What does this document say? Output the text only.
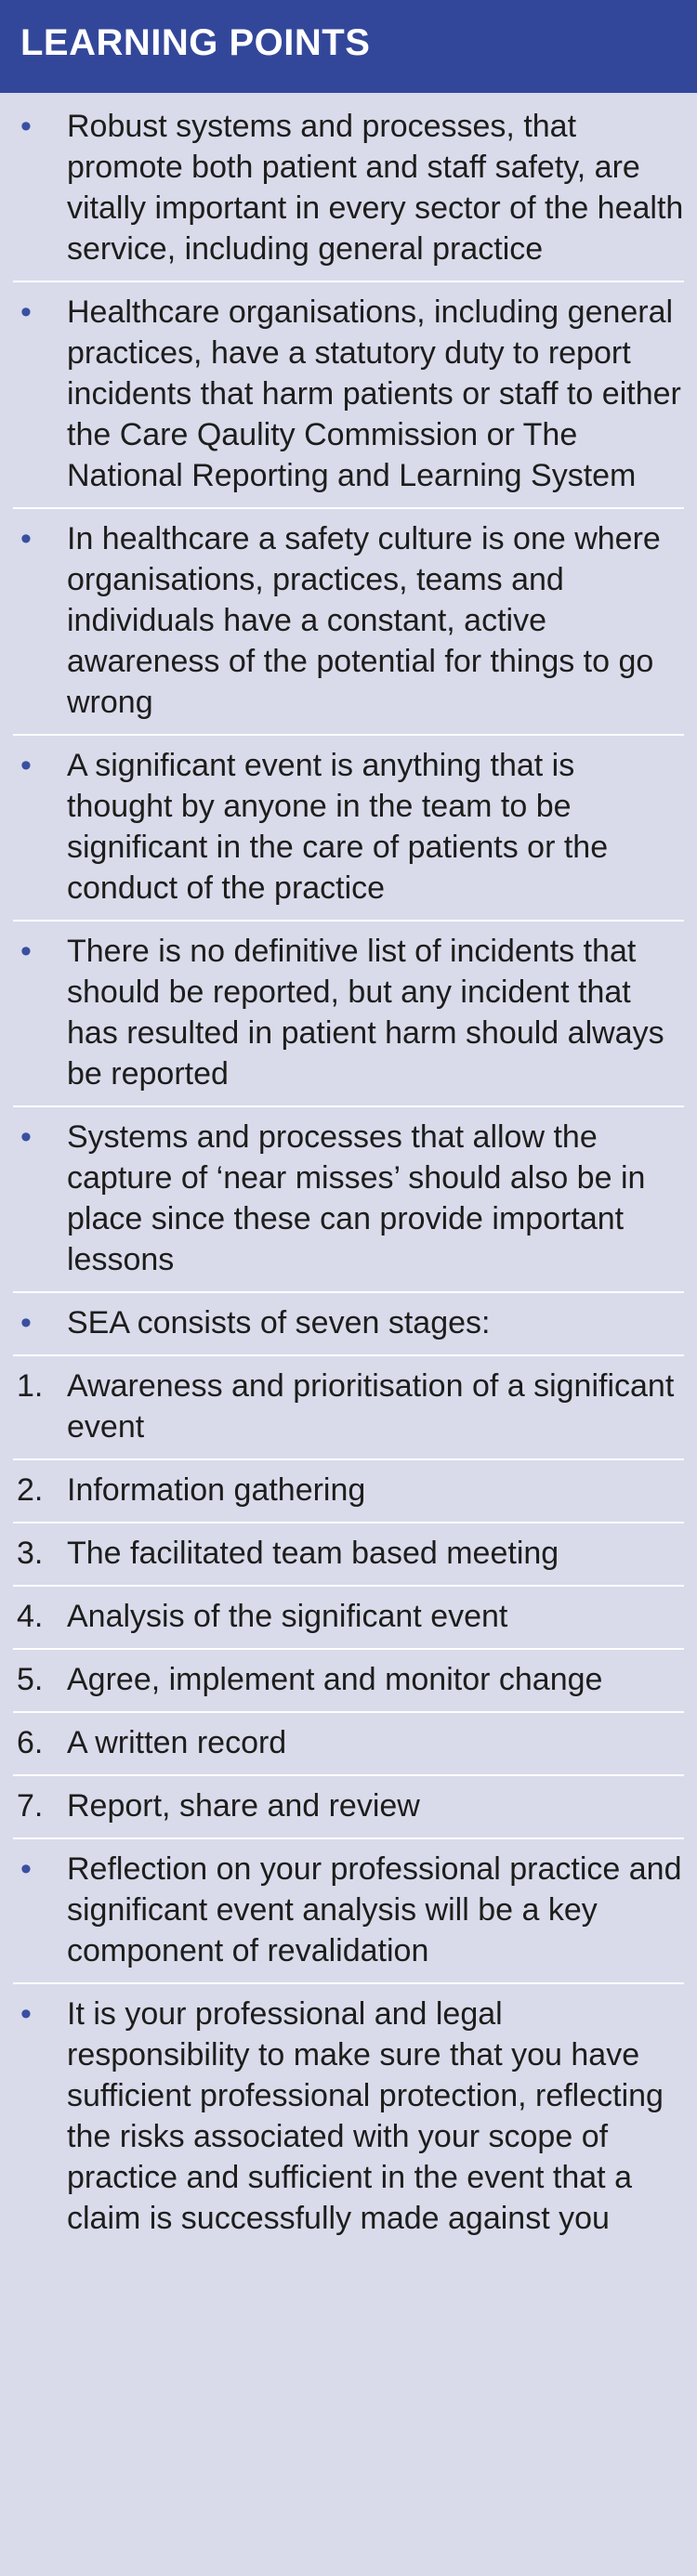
LEARNING POINTS
•	Robust systems and processes, that promote both patient and staff safety, are vitally important in every sector of the health service, including general practice
•	Healthcare organisations, including general practices, have a statutory duty to report incidents that harm patients or staff to either the Care Qaulity Commission or The National Reporting and Learning System
•	In healthcare a safety culture is one where organisations, practices, teams and individuals have a constant, active awareness of the potential for things to go wrong
•	A significant event is anything that is thought by anyone in the team to be significant in the care of patients or the conduct of the practice
•	There is no definitive list of incidents that should be reported, but any incident that has resulted in patient harm should always be reported
•	Systems and processes that allow the capture of ‘near misses’ should also be in place since these can provide important lessons
•	SEA consists of seven stages:
1. Awareness and prioritisation of a significant event
2. Information gathering
3. The facilitated team based meeting
4. Analysis of the significant event
5. Agree, implement and monitor change
6. A written record
7. Report, share and review
•	Reflection on your professional practice and significant event analysis will be a key component of revalidation
•	It is your professional and legal responsibility to make sure that you have sufficient professional protection, reflecting the risks associated with your scope of practice and sufficient in the event that a claim is successfully made against you
